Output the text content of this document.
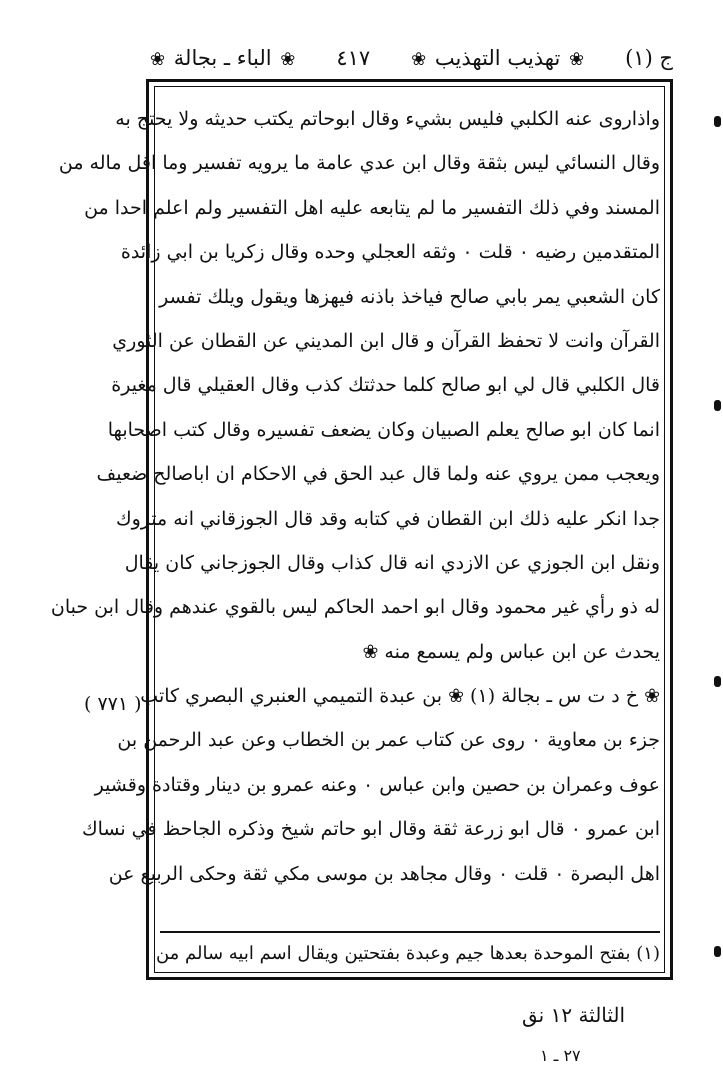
ج (١)
❀ تهذيب التهذيب ❀
٤١٧
❀ الباء ـ بجالة ❀
واذاروى عنه الكلبي فليس بشيء وقال ابوحاتم يكتب حديثه ولا يحتج به
وقال النسائي ليس بثقة وقال ابن عدي عامة ما يرويه تفسير وما اقل ماله من
المسند وفي ذلك التفسير ما لم يتابعه عليه اهل التفسير ولم اعلم احدا من
المتقدمين رضيه ٠ قلت ٠ وثقه العجلي وحده وقال زكريا بن ابي زائدة
كان الشعبي يمر بابي صالح فياخذ باذنه فيهزها ويقول ويلك تفسر
القرآن وانت لا تحفظ القرآن و قال ابن المديني عن القطان عن الثوري
قال الكلبي قال لي ابو صالح كلما حدثتك كذب وقال العقيلي قال مغيرة
انما كان ابو صالح يعلم الصبيان وكان يضعف تفسيره وقال كتب اصحابها
ويعجب ممن يروي عنه ولما قال عبد الحق في الاحكام ان اباصالح ضعيف
جدا انكر عليه ذلك ابن القطان في كتابه وقد قال الجوزقاني انه متروك
ونقل ابن الجوزي عن الازدي انه قال كذاب وقال الجوزجاني كان يقال
له ذو رأي غير محمود وقال ابو احمد الحاكم ليس بالقوي عندهم وقال ابن حبان
يحدث عن ابن عباس ولم يسمع منه ❀
❀ خ د ت س ـ بجالة (١) ❀ بن عبدة التميمي العنبري البصري كاتب
جزء بن معاوية ٠ روى عن كتاب عمر بن الخطاب وعن عبد الرحمن بن
عوف وعمران بن حصين وابن عباس ٠ وعنه عمرو بن دينار وقتادة وقشير
ابن عمرو ٠ قال ابو زرعة ثقة وقال ابو حاتم شيخ وذكره الجاحظ في نساك
اهل البصرة ٠ قلت ٠ وقال مجاهد بن موسى مكي ثقة وحكى الربيع عن
(١) بفتح الموحدة بعدها جيم وعبدة بفتحتين ويقال اسم ابيه سالم من
( ٧٧١ )
الثالثة ١٢ نق
٢٧ ـ ١
